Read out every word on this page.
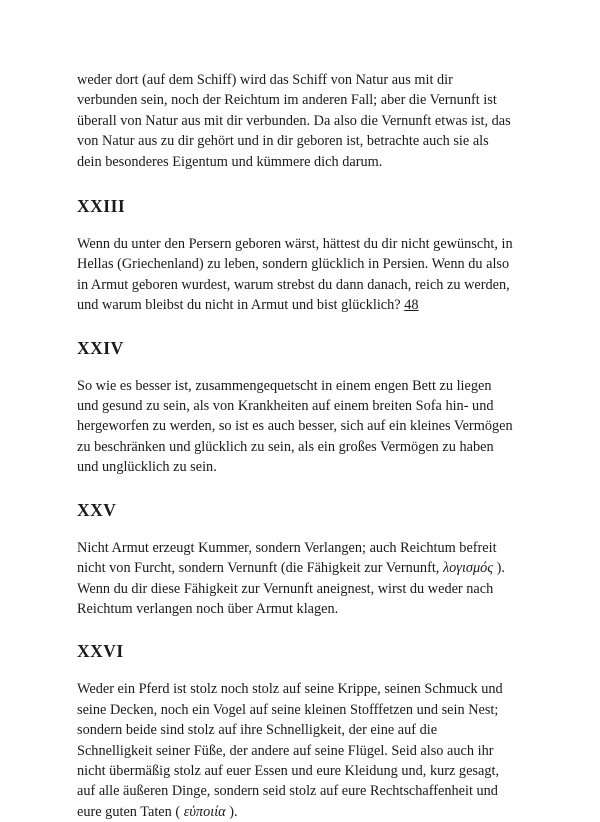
weder dort (auf dem Schiff) wird das Schiff von Natur aus mit dir
verbunden sein, noch der Reichtum im anderen Fall; aber die Vernunft ist
überall von Natur aus mit dir verbunden. Da also die Vernunft etwas ist, das
von Natur aus zu dir gehört und in dir geboren ist, betrachte auch sie als
dein besonderes Eigentum und kümmere dich darum.

XXIII

Wenn du unter den Persern geboren wärst, hättest du dir nicht gewünscht, in
Hellas (Griechenland) zu leben, sondern glücklich in Persien. Wenn du also
in Armut geboren wurdest, warum strebst du dann danach, reich zu werden,
und warum bleibst du nicht in Armut und bist glücklich? 48

XXIV

So wie es besser ist, zusammengequetscht in einem engen Bett zu liegen
und gesund zu sein, als von Krankheiten auf einem breiten Sofa hin- und
hergeworfen zu werden, so ist es auch besser, sich auf ein kleines Vermögen
zu beschränken und glücklich zu sein, als ein großes Vermögen zu haben
und unglücklich zu sein.

XXV

Nicht Armut erzeugt Kummer, sondern Verlangen; auch Reichtum befreit
nicht von Furcht, sondern Vernunft (die Fähigkeit zur Vernunft, λογισμός ).
Wenn du dir diese Fähigkeit zur Vernunft aneignest, wirst du weder nach
Reichtum verlangen noch über Armut klagen.

XXVI

Weder ein Pferd ist stolz noch stolz auf seine Krippe, seinen Schmuck und
seine Decken, noch ein Vogel auf seine kleinen Stofffetzen und sein Nest;
sondern beide sind stolz auf ihre Schnelligkeit, der eine auf die
Schnelligkeit seiner Füße, der andere auf seine Flügel. Seid also auch ihr
nicht übermäßig stolz auf euer Essen und eure Kleidung und, kurz gesagt,
auf alle äußeren Dinge, sondern seid stolz auf eure Rechtschaffenheit und
eure guten Taten ( εὐποιία ).
